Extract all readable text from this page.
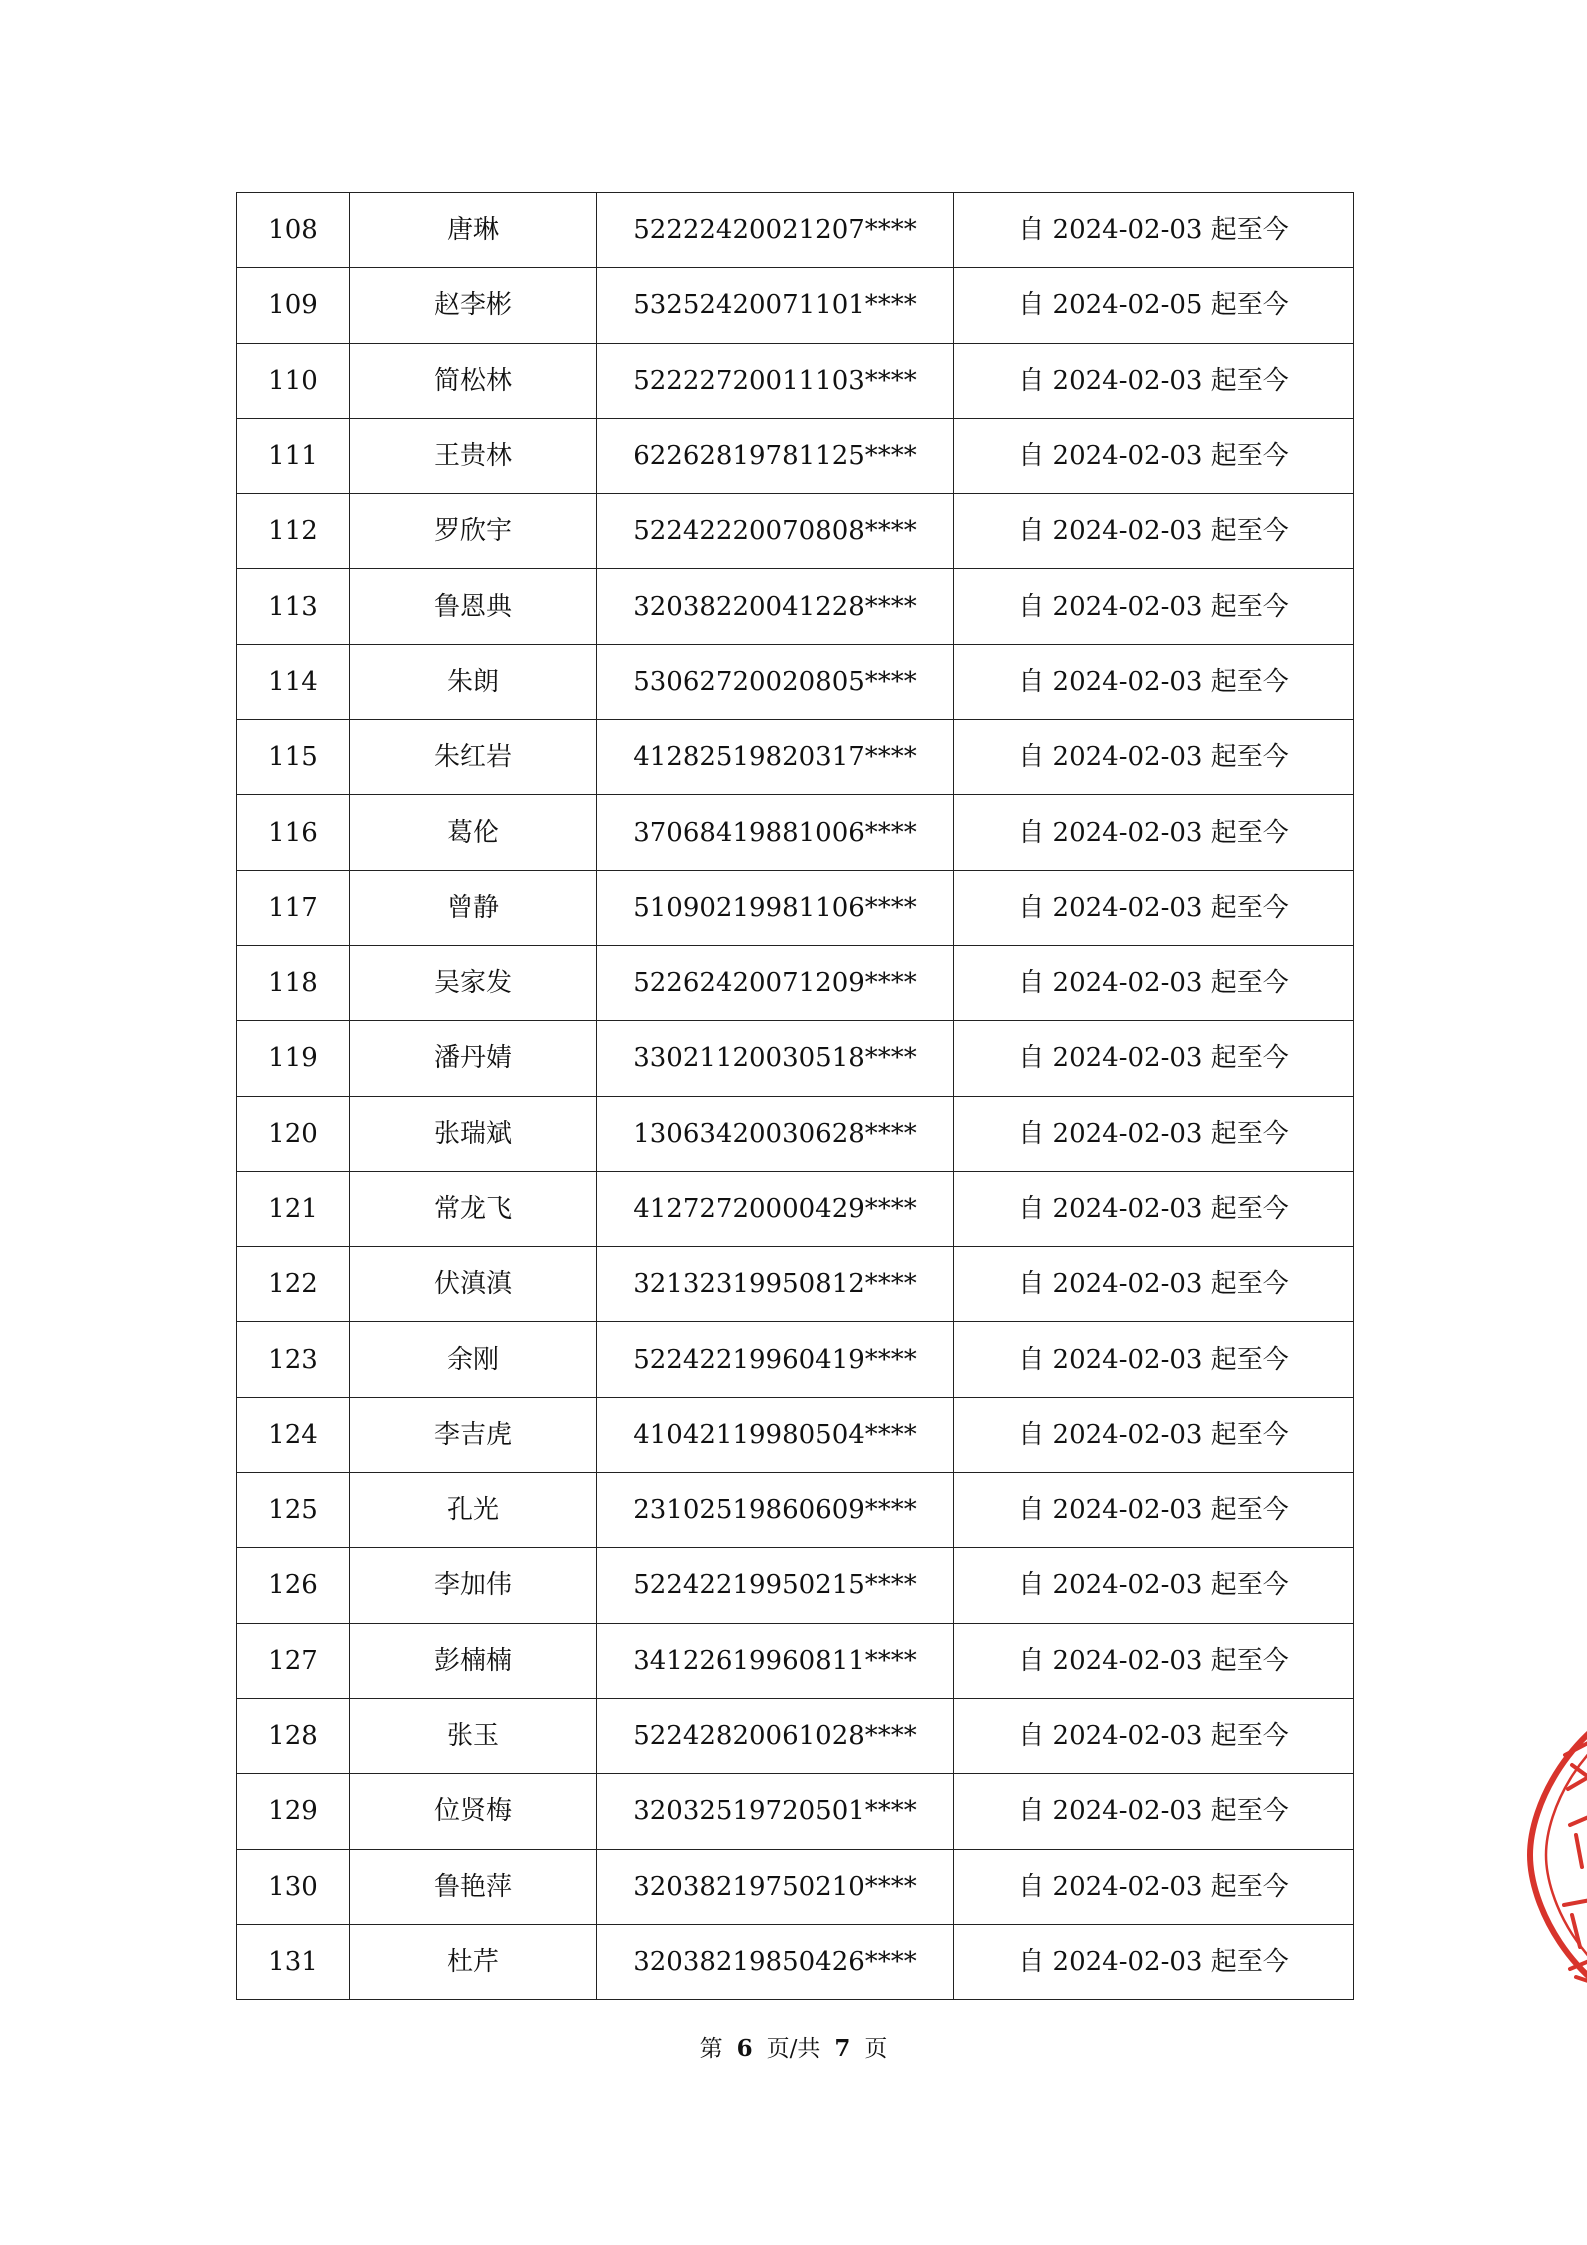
108	唐琳	52222420021207****	自 2024-02-03 起至今
109	赵李彬	53252420071101****	自 2024-02-05 起至今
110	简松林	52222720011103****	自 2024-02-03 起至今
111	王贵林	62262819781125****	自 2024-02-03 起至今
112	罗欣宇	52242220070808****	自 2024-02-03 起至今
113	鲁恩典	32038220041228****	自 2024-02-03 起至今
114	朱朗	53062720020805****	自 2024-02-03 起至今
115	朱红岩	41282519820317****	自 2024-02-03 起至今
116	葛伦	37068419881006****	自 2024-02-03 起至今
117	曾静	51090219981106****	自 2024-02-03 起至今
118	吴家发	52262420071209****	自 2024-02-03 起至今
119	潘丹婧	33021120030518****	自 2024-02-03 起至今
120	张瑞斌	13063420030628****	自 2024-02-03 起至今
121	常龙飞	41272720000429****	自 2024-02-03 起至今
122	伏滇滇	32132319950812****	自 2024-02-03 起至今
123	余刚	52242219960419****	自 2024-02-03 起至今
124	李吉虎	41042119980504****	自 2024-02-03 起至今
125	孔光	23102519860609****	自 2024-02-03 起至今
126	李加伟	52242219950215****	自 2024-02-03 起至今
127	彭楠楠	34122619960811****	自 2024-02-03 起至今
128	张玉	52242820061028****	自 2024-02-03 起至今
129	位贤梅	32032519720501****	自 2024-02-03 起至今
130	鲁艳萍	32038219750210****	自 2024-02-03 起至今
131	杜芹	32038219850426****	自 2024-02-03 起至今
第 6 页/共 7 页
